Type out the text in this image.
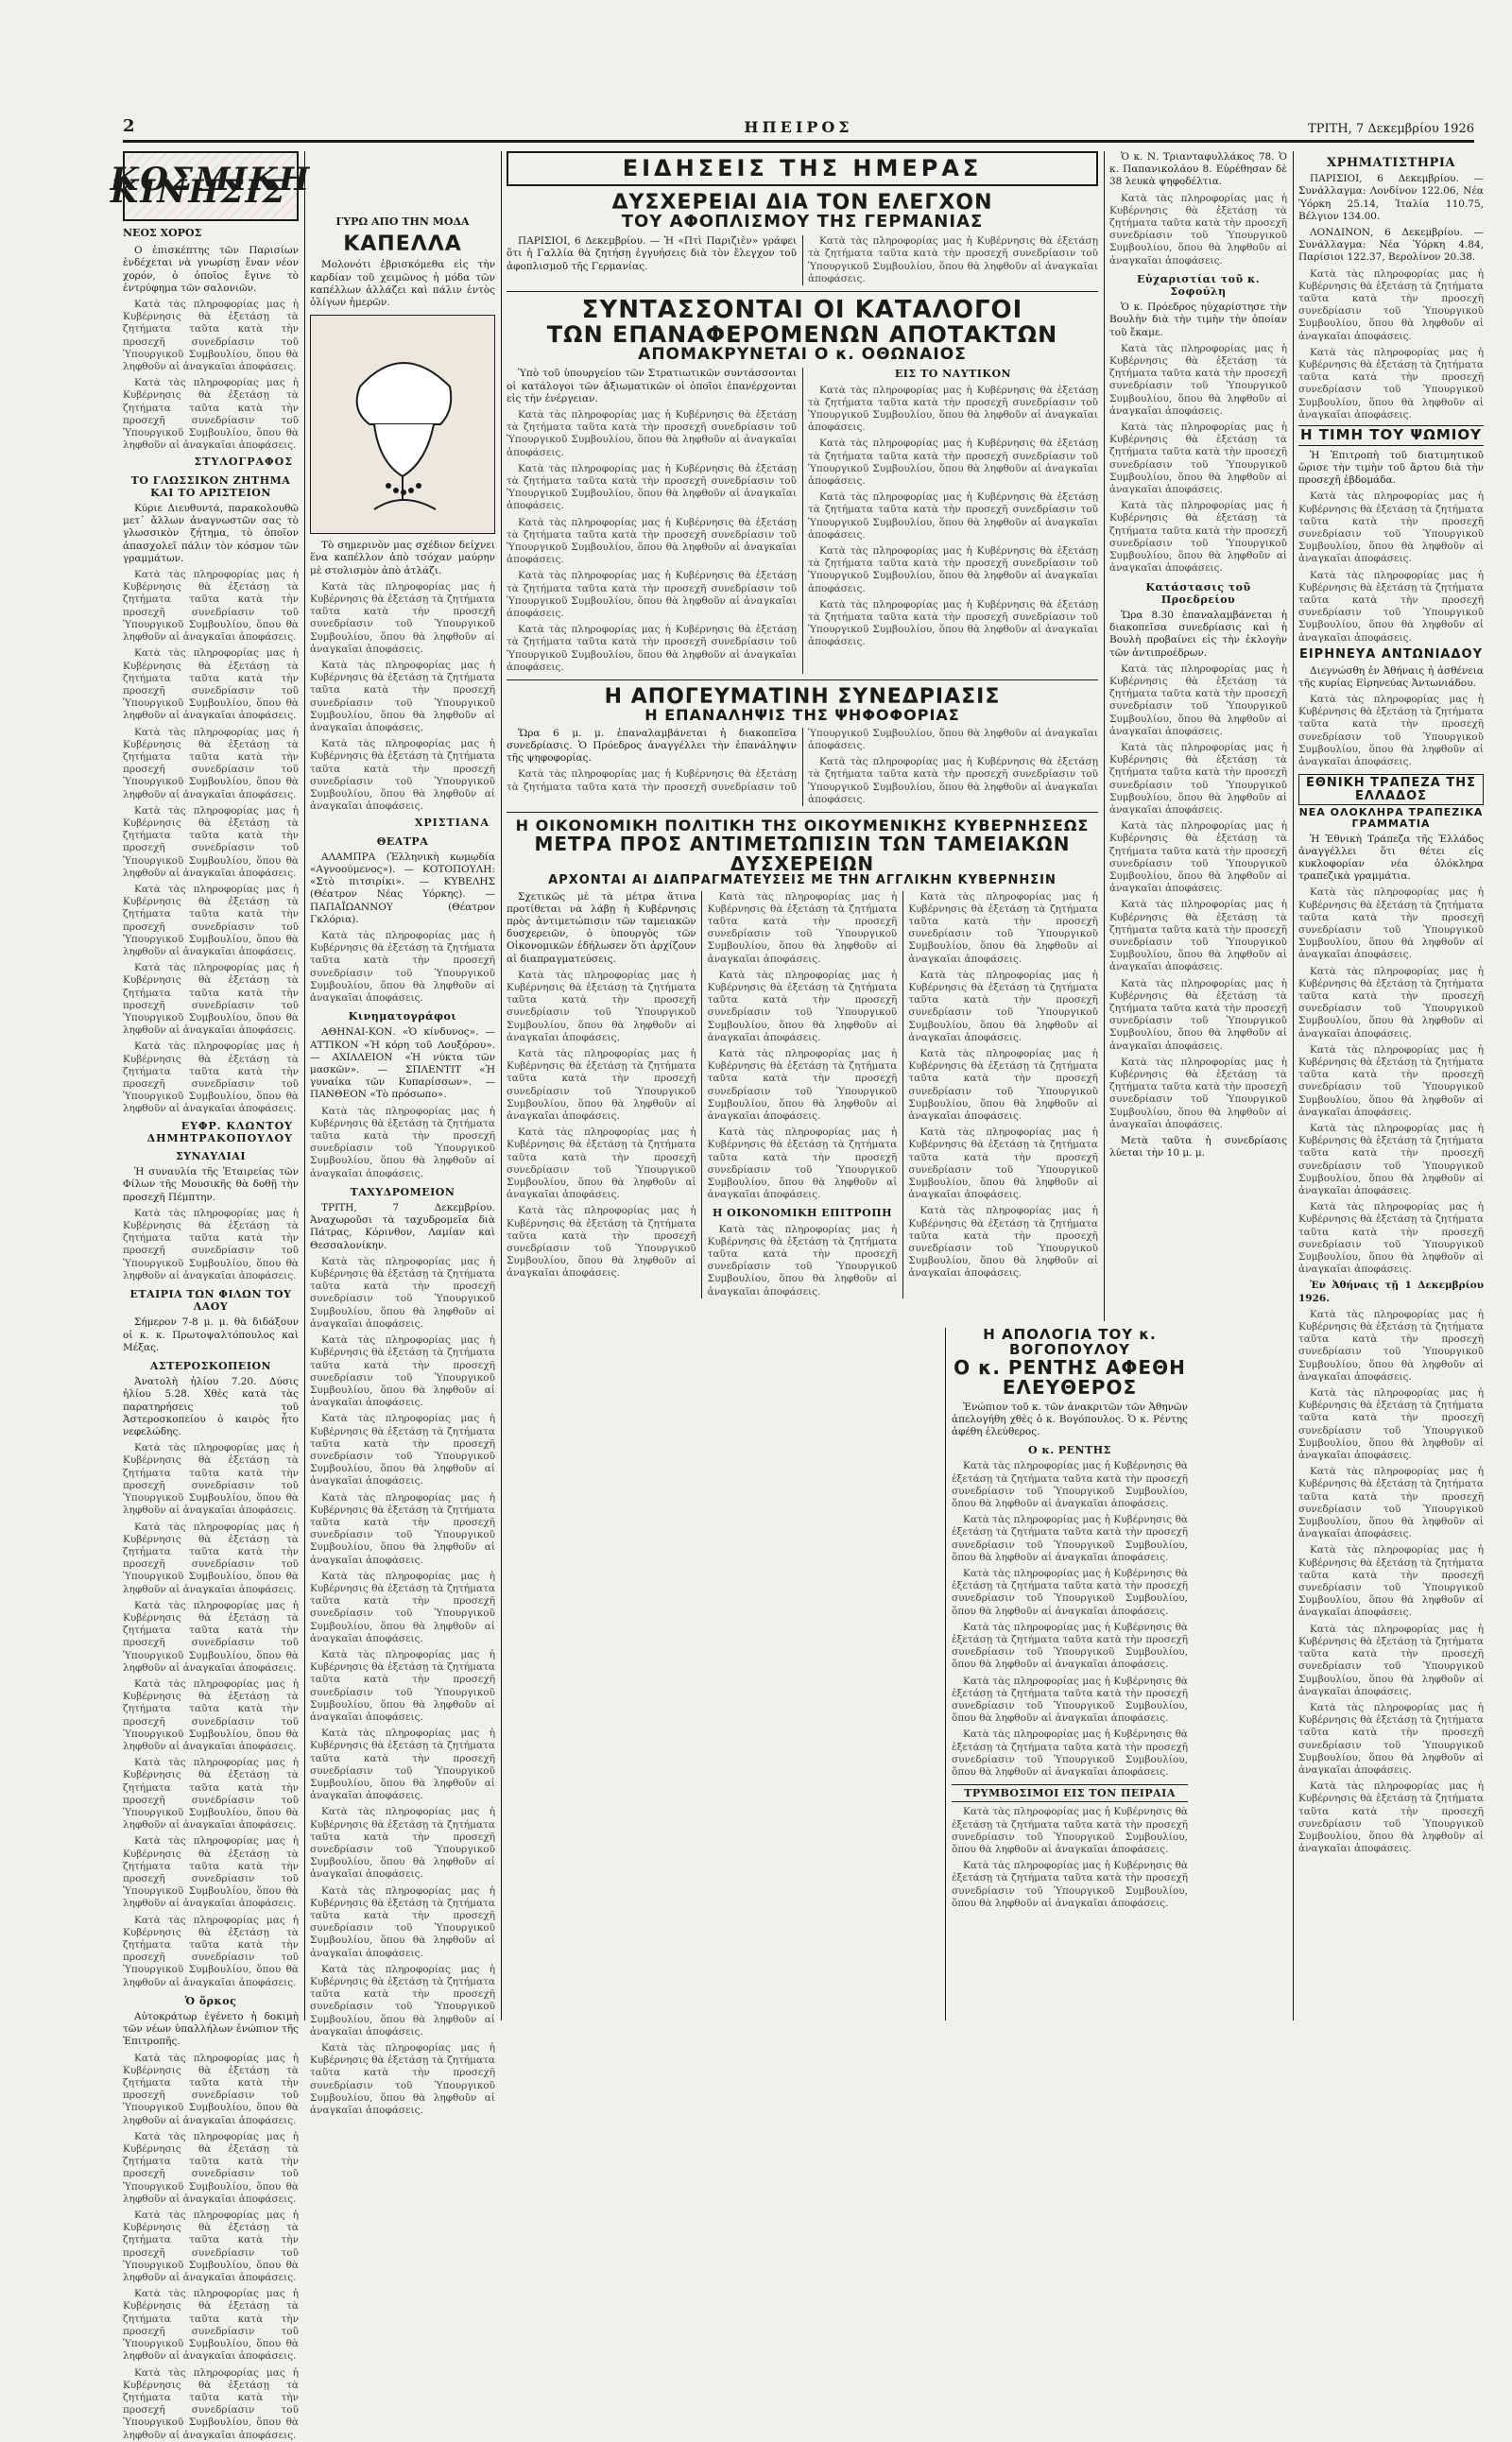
2	ΗΠΕΙΡΟΣ	ΤΡΙΤΗ, 7 Δεκεμβρίου 1926
ΚΟΣΜΙΚΗ ΚΙΝΗΣΙΣ
ΝΕΟΣ ΧΟΡΟΣ

Ο ἐπισκέπτης τῶν Παρισίων ἐνδέχεται νὰ γνωρίσῃ ἕναν νέον χορόν, ὁ ὁποῖος ἔγινε τὸ ἐντρύφημα τῶν σαλονιῶν.

Κατὰ τὰς πληροφορίας μας ἡ Κυβέρνησις θὰ ἐξετάσῃ τὰ ζητήματα ταῦτα κατὰ τὴν προσεχῆ συνεδρίασιν τοῦ Ὑπουργικοῦ Συμβουλίου, ὅπου θὰ ληφθοῦν αἱ ἀναγκαῖαι ἀποφάσεις.

Κατὰ τὰς πληροφορίας μας ἡ Κυβέρνησις θὰ ἐξετάσῃ τὰ ζητήματα ταῦτα κατὰ τὴν προσεχῆ συνεδρίασιν τοῦ Ὑπουργικοῦ Συμβουλίου, ὅπου θὰ ληφθοῦν αἱ ἀναγκαῖαι ἀποφάσεις.

ΣΤΥΛΟΓΡΑΦΟΣ
ΤΟ ΓΛΩΣΣΙΚΟΝ ΖΗΤΗΜΑ ΚΑΙ ΤΟ ΑΡΙΣΤΕΙΟΝ

Κύριε Διευθυντά, παρακολουθῶ μετ᾽ ἄλλων ἀναγνωστῶν σας τὸ γλωσσικὸν ζήτημα, τὸ ὁποῖον ἀπασχολεῖ πάλιν τὸν κόσμον τῶν γραμμάτων.

Κατὰ τὰς πληροφορίας μας ἡ Κυβέρνησις θὰ ἐξετάσῃ τὰ ζητήματα ταῦτα κατὰ τὴν προσεχῆ συνεδρίασιν τοῦ Ὑπουργικοῦ Συμβουλίου, ὅπου θὰ ληφθοῦν αἱ ἀναγκαῖαι ἀποφάσεις.

Κατὰ τὰς πληροφορίας μας ἡ Κυβέρνησις θὰ ἐξετάσῃ τὰ ζητήματα ταῦτα κατὰ τὴν προσεχῆ συνεδρίασιν τοῦ Ὑπουργικοῦ Συμβουλίου, ὅπου θὰ ληφθοῦν αἱ ἀναγκαῖαι ἀποφάσεις.

Κατὰ τὰς πληροφορίας μας ἡ Κυβέρνησις θὰ ἐξετάσῃ τὰ ζητήματα ταῦτα κατὰ τὴν προσεχῆ συνεδρίασιν τοῦ Ὑπουργικοῦ Συμβουλίου, ὅπου θὰ ληφθοῦν αἱ ἀναγκαῖαι ἀποφάσεις.

Κατὰ τὰς πληροφορίας μας ἡ Κυβέρνησις θὰ ἐξετάσῃ τὰ ζητήματα ταῦτα κατὰ τὴν προσεχῆ συνεδρίασιν τοῦ Ὑπουργικοῦ Συμβουλίου, ὅπου θὰ ληφθοῦν αἱ ἀναγκαῖαι ἀποφάσεις.

Κατὰ τὰς πληροφορίας μας ἡ Κυβέρνησις θὰ ἐξετάσῃ τὰ ζητήματα ταῦτα κατὰ τὴν προσεχῆ συνεδρίασιν τοῦ Ὑπουργικοῦ Συμβουλίου, ὅπου θὰ ληφθοῦν αἱ ἀναγκαῖαι ἀποφάσεις.

Κατὰ τὰς πληροφορίας μας ἡ Κυβέρνησις θὰ ἐξετάσῃ τὰ ζητήματα ταῦτα κατὰ τὴν προσεχῆ συνεδρίασιν τοῦ Ὑπουργικοῦ Συμβουλίου, ὅπου θὰ ληφθοῦν αἱ ἀναγκαῖαι ἀποφάσεις.

Κατὰ τὰς πληροφορίας μας ἡ Κυβέρνησις θὰ ἐξετάσῃ τὰ ζητήματα ταῦτα κατὰ τὴν προσεχῆ συνεδρίασιν τοῦ Ὑπουργικοῦ Συμβουλίου, ὅπου θὰ ληφθοῦν αἱ ἀναγκαῖαι ἀποφάσεις.

ΕΥΦΡ. ΚΛΩΝΤΟΥ ΔΗΜΗΤΡΑΚΟΠΟΥΛΟΥ
ΣΥΝΑΥΛΙΑΙ

Ἡ συναυλία τῆς Ἑταιρείας τῶν Φίλων τῆς Μουσικῆς θὰ δοθῇ τὴν προσεχῆ Πέμπτην.

Κατὰ τὰς πληροφορίας μας ἡ Κυβέρνησις θὰ ἐξετάσῃ τὰ ζητήματα ταῦτα κατὰ τὴν προσεχῆ συνεδρίασιν τοῦ Ὑπουργικοῦ Συμβουλίου, ὅπου θὰ ληφθοῦν αἱ ἀναγκαῖαι ἀποφάσεις.

ΕΤΑΙΡΙΑ ΤΩΝ ΦΙΛΩΝ ΤΟΥ ΛΑΟΥ

Σήμερον 7-8 μ. μ. θὰ διδάξουν οἱ κ. κ. Πρωτοψαλτόπουλος καὶ Μέξας.

ΑΣΤΕΡΟΣΚΟΠΕΙΟΝ

Ἀνατολὴ ἡλίου 7.20. Δύσις ἡλίου 5.28. Χθὲς κατὰ τὰς παρατηρήσεις τοῦ Ἀστεροσκοπείου ὁ καιρὸς ἦτο νεφελώδης.

Κατὰ τὰς πληροφορίας μας ἡ Κυβέρνησις θὰ ἐξετάσῃ τὰ ζητήματα ταῦτα κατὰ τὴν προσεχῆ συνεδρίασιν τοῦ Ὑπουργικοῦ Συμβουλίου, ὅπου θὰ ληφθοῦν αἱ ἀναγκαῖαι ἀποφάσεις.

Κατὰ τὰς πληροφορίας μας ἡ Κυβέρνησις θὰ ἐξετάσῃ τὰ ζητήματα ταῦτα κατὰ τὴν προσεχῆ συνεδρίασιν τοῦ Ὑπουργικοῦ Συμβουλίου, ὅπου θὰ ληφθοῦν αἱ ἀναγκαῖαι ἀποφάσεις.

Κατὰ τὰς πληροφορίας μας ἡ Κυβέρνησις θὰ ἐξετάσῃ τὰ ζητήματα ταῦτα κατὰ τὴν προσεχῆ συνεδρίασιν τοῦ Ὑπουργικοῦ Συμβουλίου, ὅπου θὰ ληφθοῦν αἱ ἀναγκαῖαι ἀποφάσεις.

Κατὰ τὰς πληροφορίας μας ἡ Κυβέρνησις θὰ ἐξετάσῃ τὰ ζητήματα ταῦτα κατὰ τὴν προσεχῆ συνεδρίασιν τοῦ Ὑπουργικοῦ Συμβουλίου, ὅπου θὰ ληφθοῦν αἱ ἀναγκαῖαι ἀποφάσεις.

Κατὰ τὰς πληροφορίας μας ἡ Κυβέρνησις θὰ ἐξετάσῃ τὰ ζητήματα ταῦτα κατὰ τὴν προσεχῆ συνεδρίασιν τοῦ Ὑπουργικοῦ Συμβουλίου, ὅπου θὰ ληφθοῦν αἱ ἀναγκαῖαι ἀποφάσεις.

Κατὰ τὰς πληροφορίας μας ἡ Κυβέρνησις θὰ ἐξετάσῃ τὰ ζητήματα ταῦτα κατὰ τὴν προσεχῆ συνεδρίασιν τοῦ Ὑπουργικοῦ Συμβουλίου, ὅπου θὰ ληφθοῦν αἱ ἀναγκαῖαι ἀποφάσεις.

Κατὰ τὰς πληροφορίας μας ἡ Κυβέρνησις θὰ ἐξετάσῃ τὰ ζητήματα ταῦτα κατὰ τὴν προσεχῆ συνεδρίασιν τοῦ Ὑπουργικοῦ Συμβουλίου, ὅπου θὰ ληφθοῦν αἱ ἀναγκαῖαι ἀποφάσεις.

Ὁ ὅρκος

Αὐτοκράτωρ ἐγένετο ἡ δοκιμὴ τῶν νέων ὑπαλλήλων ἐνώπιον τῆς Ἐπιτροπῆς.

Κατὰ τὰς πληροφορίας μας ἡ Κυβέρνησις θὰ ἐξετάσῃ τὰ ζητήματα ταῦτα κατὰ τὴν προσεχῆ συνεδρίασιν τοῦ Ὑπουργικοῦ Συμβουλίου, ὅπου θὰ ληφθοῦν αἱ ἀναγκαῖαι ἀποφάσεις.

Κατὰ τὰς πληροφορίας μας ἡ Κυβέρνησις θὰ ἐξετάσῃ τὰ ζητήματα ταῦτα κατὰ τὴν προσεχῆ συνεδρίασιν τοῦ Ὑπουργικοῦ Συμβουλίου, ὅπου θὰ ληφθοῦν αἱ ἀναγκαῖαι ἀποφάσεις.

Κατὰ τὰς πληροφορίας μας ἡ Κυβέρνησις θὰ ἐξετάσῃ τὰ ζητήματα ταῦτα κατὰ τὴν προσεχῆ συνεδρίασιν τοῦ Ὑπουργικοῦ Συμβουλίου, ὅπου θὰ ληφθοῦν αἱ ἀναγκαῖαι ἀποφάσεις.

Κατὰ τὰς πληροφορίας μας ἡ Κυβέρνησις θὰ ἐξετάσῃ τὰ ζητήματα ταῦτα κατὰ τὴν προσεχῆ συνεδρίασιν τοῦ Ὑπουργικοῦ Συμβουλίου, ὅπου θὰ ληφθοῦν αἱ ἀναγκαῖαι ἀποφάσεις.

Κατὰ τὰς πληροφορίας μας ἡ Κυβέρνησις θὰ ἐξετάσῃ τὰ ζητήματα ταῦτα κατὰ τὴν προσεχῆ συνεδρίασιν τοῦ Ὑπουργικοῦ Συμβουλίου, ὅπου θὰ ληφθοῦν αἱ ἀναγκαῖαι ἀποφάσεις.

ΓΥΡΩ ΑΠΟ ΤΗΝ ΜΟΔΑ
ΚΑΠΕΛΛΑ

Μολονότι ἐβρισκόμεθα εἰς τὴν καρδίαν τοῦ χειμῶνος ἡ μόδα τῶν καπέλλων ἀλλάζει καὶ πάλιν ἐντὸς ὀλίγων ἡμερῶν.

Τὸ σημερινὸν μας σχέδιον δείχνει ἕνα καπέλλον ἀπὸ τσόχαν μαύρην μὲ στολισμὸν ἀπὸ ἀτλάζι.

Κατὰ τὰς πληροφορίας μας ἡ Κυβέρνησις θὰ ἐξετάσῃ τὰ ζητήματα ταῦτα κατὰ τὴν προσεχῆ συνεδρίασιν τοῦ Ὑπουργικοῦ Συμβουλίου, ὅπου θὰ ληφθοῦν αἱ ἀναγκαῖαι ἀποφάσεις.

Κατὰ τὰς πληροφορίας μας ἡ Κυβέρνησις θὰ ἐξετάσῃ τὰ ζητήματα ταῦτα κατὰ τὴν προσεχῆ συνεδρίασιν τοῦ Ὑπουργικοῦ Συμβουλίου, ὅπου θὰ ληφθοῦν αἱ ἀναγκαῖαι ἀποφάσεις.

Κατὰ τὰς πληροφορίας μας ἡ Κυβέρνησις θὰ ἐξετάσῃ τὰ ζητήματα ταῦτα κατὰ τὴν προσεχῆ συνεδρίασιν τοῦ Ὑπουργικοῦ Συμβουλίου, ὅπου θὰ ληφθοῦν αἱ ἀναγκαῖαι ἀποφάσεις.

ΧΡΙΣΤΙΑΝΑ
ΘΕΑΤΡΑ

ΑΛΑΜΠΡΑ (Ἑλληνικὴ κωμῳδία «Αγνοούμενος»). — ΚΟΤΟΠΟΥΛΗ: «Στὸ πιτσιρίκι». — ΚΥΒΕΛΗΣ (Θέατρον Νέας Υόρκης). — ΠΑΠΑΪΩΑΝΝΟΥ (Θέατρον Γκλόρια).

Κατὰ τὰς πληροφορίας μας ἡ Κυβέρνησις θὰ ἐξετάσῃ τὰ ζητήματα ταῦτα κατὰ τὴν προσεχῆ συνεδρίασιν τοῦ Ὑπουργικοῦ Συμβουλίου, ὅπου θὰ ληφθοῦν αἱ ἀναγκαῖαι ἀποφάσεις.

Κινηματογράφοι

ΑΘΗΝΑΙ-ΚΟΝ. «Ὁ κίνδυνος». — ΑΤΤΙΚΟΝ «Ἡ κόρη τοῦ Λουξόρου». — ΑΧΙΛΛΕΙΟΝ «Ἡ νύκτα τῶν μασκῶν». — ΣΠΛΕΝΤΙΤ «Ἡ γυναίκα τῶν Κυπαρίσσων». — ΠΑΝΘΕΟΝ «Τὸ πρόσωπο».

Κατὰ τὰς πληροφορίας μας ἡ Κυβέρνησις θὰ ἐξετάσῃ τὰ ζητήματα ταῦτα κατὰ τὴν προσεχῆ συνεδρίασιν τοῦ Ὑπουργικοῦ Συμβουλίου, ὅπου θὰ ληφθοῦν αἱ ἀναγκαῖαι ἀποφάσεις.

ΤΑΧΥΔΡΟΜΕΙΟΝ

ΤΡΙΤΗ, 7 Δεκεμβρίου. Ἀναχωροῦσι τὰ ταχυδρομεῖα διὰ Πάτρας, Κόρινθον, Λαμίαν καὶ Θεσσαλονίκην.

Κατὰ τὰς πληροφορίας μας ἡ Κυβέρνησις θὰ ἐξετάσῃ τὰ ζητήματα ταῦτα κατὰ τὴν προσεχῆ συνεδρίασιν τοῦ Ὑπουργικοῦ Συμβουλίου, ὅπου θὰ ληφθοῦν αἱ ἀναγκαῖαι ἀποφάσεις.

Κατὰ τὰς πληροφορίας μας ἡ Κυβέρνησις θὰ ἐξετάσῃ τὰ ζητήματα ταῦτα κατὰ τὴν προσεχῆ συνεδρίασιν τοῦ Ὑπουργικοῦ Συμβουλίου, ὅπου θὰ ληφθοῦν αἱ ἀναγκαῖαι ἀποφάσεις.

Κατὰ τὰς πληροφορίας μας ἡ Κυβέρνησις θὰ ἐξετάσῃ τὰ ζητήματα ταῦτα κατὰ τὴν προσεχῆ συνεδρίασιν τοῦ Ὑπουργικοῦ Συμβουλίου, ὅπου θὰ ληφθοῦν αἱ ἀναγκαῖαι ἀποφάσεις.

Κατὰ τὰς πληροφορίας μας ἡ Κυβέρνησις θὰ ἐξετάσῃ τὰ ζητήματα ταῦτα κατὰ τὴν προσεχῆ συνεδρίασιν τοῦ Ὑπουργικοῦ Συμβουλίου, ὅπου θὰ ληφθοῦν αἱ ἀναγκαῖαι ἀποφάσεις.

Κατὰ τὰς πληροφορίας μας ἡ Κυβέρνησις θὰ ἐξετάσῃ τὰ ζητήματα ταῦτα κατὰ τὴν προσεχῆ συνεδρίασιν τοῦ Ὑπουργικοῦ Συμβουλίου, ὅπου θὰ ληφθοῦν αἱ ἀναγκαῖαι ἀποφάσεις.

Κατὰ τὰς πληροφορίας μας ἡ Κυβέρνησις θὰ ἐξετάσῃ τὰ ζητήματα ταῦτα κατὰ τὴν προσεχῆ συνεδρίασιν τοῦ Ὑπουργικοῦ Συμβουλίου, ὅπου θὰ ληφθοῦν αἱ ἀναγκαῖαι ἀποφάσεις.

Κατὰ τὰς πληροφορίας μας ἡ Κυβέρνησις θὰ ἐξετάσῃ τὰ ζητήματα ταῦτα κατὰ τὴν προσεχῆ συνεδρίασιν τοῦ Ὑπουργικοῦ Συμβουλίου, ὅπου θὰ ληφθοῦν αἱ ἀναγκαῖαι ἀποφάσεις.

Κατὰ τὰς πληροφορίας μας ἡ Κυβέρνησις θὰ ἐξετάσῃ τὰ ζητήματα ταῦτα κατὰ τὴν προσεχῆ συνεδρίασιν τοῦ Ὑπουργικοῦ Συμβουλίου, ὅπου θὰ ληφθοῦν αἱ ἀναγκαῖαι ἀποφάσεις.

Κατὰ τὰς πληροφορίας μας ἡ Κυβέρνησις θὰ ἐξετάσῃ τὰ ζητήματα ταῦτα κατὰ τὴν προσεχῆ συνεδρίασιν τοῦ Ὑπουργικοῦ Συμβουλίου, ὅπου θὰ ληφθοῦν αἱ ἀναγκαῖαι ἀποφάσεις.

Κατὰ τὰς πληροφορίας μας ἡ Κυβέρνησις θὰ ἐξετάσῃ τὰ ζητήματα ταῦτα κατὰ τὴν προσεχῆ συνεδρίασιν τοῦ Ὑπουργικοῦ Συμβουλίου, ὅπου θὰ ληφθοῦν αἱ ἀναγκαῖαι ἀποφάσεις.

Κατὰ τὰς πληροφορίας μας ἡ Κυβέρνησις θὰ ἐξετάσῃ τὰ ζητήματα ταῦτα κατὰ τὴν προσεχῆ συνεδρίασιν τοῦ Ὑπουργικοῦ Συμβουλίου, ὅπου θὰ ληφθοῦν αἱ ἀναγκαῖαι ἀποφάσεις.

ΕΙΔΗΣΕΙΣ ΤΗΣ ΗΜΕΡΑΣ
ΔΥΣΧΕΡΕΙΑΙ ΔΙΑ ΤΟΝ ΕΛΕΓΧΟΝ
ΤΟΥ ΑΦΟΠΛΙΣΜΟΥ ΤΗΣ ΓΕΡΜΑΝΙΑΣ

ΠΑΡΙΣΙΟΙ, 6 Δεκεμβρίου. — Ἡ «Πτὶ Παριζιὲν» γράφει ὅτι ἡ Γαλλία θὰ ζητήσῃ ἐγγυήσεις διὰ τὸν ἔλεγχον τοῦ ἀφοπλισμοῦ τῆς Γερμανίας.

Κατὰ τὰς πληροφορίας μας ἡ Κυβέρνησις θὰ ἐξετάσῃ τὰ ζητήματα ταῦτα κατὰ τὴν προσεχῆ συνεδρίασιν τοῦ Ὑπουργικοῦ Συμβουλίου, ὅπου θὰ ληφθοῦν αἱ ἀναγκαῖαι ἀποφάσεις.

ΣΥΝΤΑΣΣΟΝΤΑΙ ΟΙ ΚΑΤΑΛΟΓΟΙ
ΤΩΝ ΕΠΑΝΑΦΕΡΟΜΕΝΩΝ ΑΠΟΤΑΚΤΩΝ
ΑΠΟΜΑΚΡΥΝΕΤΑΙ Ο κ. ΟΘΩΝΑΙΟΣ

Ὑπὸ τοῦ ὑπουργείου τῶν Στρατιωτικῶν συντάσσονται οἱ κατάλογοι τῶν ἀξιωματικῶν οἱ ὁποῖοι ἐπανέρχονται εἰς τὴν ἐνέργειαν.

Κατὰ τὰς πληροφορίας μας ἡ Κυβέρνησις θὰ ἐξετάσῃ τὰ ζητήματα ταῦτα κατὰ τὴν προσεχῆ συνεδρίασιν τοῦ Ὑπουργικοῦ Συμβουλίου, ὅπου θὰ ληφθοῦν αἱ ἀναγκαῖαι ἀποφάσεις.

Κατὰ τὰς πληροφορίας μας ἡ Κυβέρνησις θὰ ἐξετάσῃ τὰ ζητήματα ταῦτα κατὰ τὴν προσεχῆ συνεδρίασιν τοῦ Ὑπουργικοῦ Συμβουλίου, ὅπου θὰ ληφθοῦν αἱ ἀναγκαῖαι ἀποφάσεις.

Κατὰ τὰς πληροφορίας μας ἡ Κυβέρνησις θὰ ἐξετάσῃ τὰ ζητήματα ταῦτα κατὰ τὴν προσεχῆ συνεδρίασιν τοῦ Ὑπουργικοῦ Συμβουλίου, ὅπου θὰ ληφθοῦν αἱ ἀναγκαῖαι ἀποφάσεις.

Κατὰ τὰς πληροφορίας μας ἡ Κυβέρνησις θὰ ἐξετάσῃ τὰ ζητήματα ταῦτα κατὰ τὴν προσεχῆ συνεδρίασιν τοῦ Ὑπουργικοῦ Συμβουλίου, ὅπου θὰ ληφθοῦν αἱ ἀναγκαῖαι ἀποφάσεις.

Κατὰ τὰς πληροφορίας μας ἡ Κυβέρνησις θὰ ἐξετάσῃ τὰ ζητήματα ταῦτα κατὰ τὴν προσεχῆ συνεδρίασιν τοῦ Ὑπουργικοῦ Συμβουλίου, ὅπου θὰ ληφθοῦν αἱ ἀναγκαῖαι ἀποφάσεις.

ΕΙΣ ΤΟ ΝΑΥΤΙΚΟΝ

Κατὰ τὰς πληροφορίας μας ἡ Κυβέρνησις θὰ ἐξετάσῃ τὰ ζητήματα ταῦτα κατὰ τὴν προσεχῆ συνεδρίασιν τοῦ Ὑπουργικοῦ Συμβουλίου, ὅπου θὰ ληφθοῦν αἱ ἀναγκαῖαι ἀποφάσεις.

Κατὰ τὰς πληροφορίας μας ἡ Κυβέρνησις θὰ ἐξετάσῃ τὰ ζητήματα ταῦτα κατὰ τὴν προσεχῆ συνεδρίασιν τοῦ Ὑπουργικοῦ Συμβουλίου, ὅπου θὰ ληφθοῦν αἱ ἀναγκαῖαι ἀποφάσεις.

Κατὰ τὰς πληροφορίας μας ἡ Κυβέρνησις θὰ ἐξετάσῃ τὰ ζητήματα ταῦτα κατὰ τὴν προσεχῆ συνεδρίασιν τοῦ Ὑπουργικοῦ Συμβουλίου, ὅπου θὰ ληφθοῦν αἱ ἀναγκαῖαι ἀποφάσεις.

Κατὰ τὰς πληροφορίας μας ἡ Κυβέρνησις θὰ ἐξετάσῃ τὰ ζητήματα ταῦτα κατὰ τὴν προσεχῆ συνεδρίασιν τοῦ Ὑπουργικοῦ Συμβουλίου, ὅπου θὰ ληφθοῦν αἱ ἀναγκαῖαι ἀποφάσεις.

Κατὰ τὰς πληροφορίας μας ἡ Κυβέρνησις θὰ ἐξετάσῃ τὰ ζητήματα ταῦτα κατὰ τὴν προσεχῆ συνεδρίασιν τοῦ Ὑπουργικοῦ Συμβουλίου, ὅπου θὰ ληφθοῦν αἱ ἀναγκαῖαι ἀποφάσεις.

Η ΑΠΟΓΕΥΜΑΤΙΝΗ ΣΥΝΕΔΡΙΑΣΙΣ
Η ΕΠΑΝΑΛΗΨΙΣ ΤΗΣ ΨΗΦΟΦΟΡΙΑΣ

Ὥρα 6 μ. μ. ἐπαναλαμβάνεται ἡ διακοπεῖσα συνεδρίασις. Ὁ Πρόεδρος ἀναγγέλλει τὴν ἐπανάληψιν τῆς ψηφοφορίας.

Κατὰ τὰς πληροφορίας μας ἡ Κυβέρνησις θὰ ἐξετάσῃ τὰ ζητήματα ταῦτα κατὰ τὴν προσεχῆ συνεδρίασιν τοῦ Ὑπουργικοῦ Συμβουλίου, ὅπου θὰ ληφθοῦν αἱ ἀναγκαῖαι ἀποφάσεις.

Κατὰ τὰς πληροφορίας μας ἡ Κυβέρνησις θὰ ἐξετάσῃ τὰ ζητήματα ταῦτα κατὰ τὴν προσεχῆ συνεδρίασιν τοῦ Ὑπουργικοῦ Συμβουλίου, ὅπου θὰ ληφθοῦν αἱ ἀναγκαῖαι ἀποφάσεις.

Η ΟΙΚΟΝΟΜΙΚΗ ΠΟΛΙΤΙΚΗ ΤΗΣ ΟΙΚΟΥΜΕΝΙΚΗΣ ΚΥΒΕΡΝΗΣΕΩΣ
ΜΕΤΡΑ ΠΡΟΣ ΑΝΤΙΜΕΤΩΠΙΣΙΝ ΤΩΝ ΤΑΜΕΙΑΚΩΝ ΔΥΣΧΕΡΕΙΩΝ
ΑΡΧΟΝΤΑΙ ΑΙ ΔΙΑΠΡΑΓΜΑΤΕΥΣΕΙΣ ΜΕ ΤΗΝ ΑΓΓΛΙΚΗΝ ΚΥΒΕΡΝΗΣΙΝ

Σχετικῶς μὲ τὰ μέτρα ἅτινα προτίθεται νὰ λάβῃ ἡ Κυβέρνησις πρὸς ἀντιμετώπισιν τῶν ταμειακῶν δυσχερειῶν, ὁ ὑπουργὸς τῶν Οἰκονομικῶν ἐδήλωσεν ὅτι ἀρχίζουν αἱ διαπραγματεύσεις.

Κατὰ τὰς πληροφορίας μας ἡ Κυβέρνησις θὰ ἐξετάσῃ τὰ ζητήματα ταῦτα κατὰ τὴν προσεχῆ συνεδρίασιν τοῦ Ὑπουργικοῦ Συμβουλίου, ὅπου θὰ ληφθοῦν αἱ ἀναγκαῖαι ἀποφάσεις.

Κατὰ τὰς πληροφορίας μας ἡ Κυβέρνησις θὰ ἐξετάσῃ τὰ ζητήματα ταῦτα κατὰ τὴν προσεχῆ συνεδρίασιν τοῦ Ὑπουργικοῦ Συμβουλίου, ὅπου θὰ ληφθοῦν αἱ ἀναγκαῖαι ἀποφάσεις.

Κατὰ τὰς πληροφορίας μας ἡ Κυβέρνησις θὰ ἐξετάσῃ τὰ ζητήματα ταῦτα κατὰ τὴν προσεχῆ συνεδρίασιν τοῦ Ὑπουργικοῦ Συμβουλίου, ὅπου θὰ ληφθοῦν αἱ ἀναγκαῖαι ἀποφάσεις.

Κατὰ τὰς πληροφορίας μας ἡ Κυβέρνησις θὰ ἐξετάσῃ τὰ ζητήματα ταῦτα κατὰ τὴν προσεχῆ συνεδρίασιν τοῦ Ὑπουργικοῦ Συμβουλίου, ὅπου θὰ ληφθοῦν αἱ ἀναγκαῖαι ἀποφάσεις.

Κατὰ τὰς πληροφορίας μας ἡ Κυβέρνησις θὰ ἐξετάσῃ τὰ ζητήματα ταῦτα κατὰ τὴν προσεχῆ συνεδρίασιν τοῦ Ὑπουργικοῦ Συμβουλίου, ὅπου θὰ ληφθοῦν αἱ ἀναγκαῖαι ἀποφάσεις.

Κατὰ τὰς πληροφορίας μας ἡ Κυβέρνησις θὰ ἐξετάσῃ τὰ ζητήματα ταῦτα κατὰ τὴν προσεχῆ συνεδρίασιν τοῦ Ὑπουργικοῦ Συμβουλίου, ὅπου θὰ ληφθοῦν αἱ ἀναγκαῖαι ἀποφάσεις.

Κατὰ τὰς πληροφορίας μας ἡ Κυβέρνησις θὰ ἐξετάσῃ τὰ ζητήματα ταῦτα κατὰ τὴν προσεχῆ συνεδρίασιν τοῦ Ὑπουργικοῦ Συμβουλίου, ὅπου θὰ ληφθοῦν αἱ ἀναγκαῖαι ἀποφάσεις.

Κατὰ τὰς πληροφορίας μας ἡ Κυβέρνησις θὰ ἐξετάσῃ τὰ ζητήματα ταῦτα κατὰ τὴν προσεχῆ συνεδρίασιν τοῦ Ὑπουργικοῦ Συμβουλίου, ὅπου θὰ ληφθοῦν αἱ ἀναγκαῖαι ἀποφάσεις.

Η ΟΙΚΟΝΟΜΙΚΗ ΕΠΙΤΡΟΠΗ

Κατὰ τὰς πληροφορίας μας ἡ Κυβέρνησις θὰ ἐξετάσῃ τὰ ζητήματα ταῦτα κατὰ τὴν προσεχῆ συνεδρίασιν τοῦ Ὑπουργικοῦ Συμβουλίου, ὅπου θὰ ληφθοῦν αἱ ἀναγκαῖαι ἀποφάσεις.

Κατὰ τὰς πληροφορίας μας ἡ Κυβέρνησις θὰ ἐξετάσῃ τὰ ζητήματα ταῦτα κατὰ τὴν προσεχῆ συνεδρίασιν τοῦ Ὑπουργικοῦ Συμβουλίου, ὅπου θὰ ληφθοῦν αἱ ἀναγκαῖαι ἀποφάσεις.

Κατὰ τὰς πληροφορίας μας ἡ Κυβέρνησις θὰ ἐξετάσῃ τὰ ζητήματα ταῦτα κατὰ τὴν προσεχῆ συνεδρίασιν τοῦ Ὑπουργικοῦ Συμβουλίου, ὅπου θὰ ληφθοῦν αἱ ἀναγκαῖαι ἀποφάσεις.

Κατὰ τὰς πληροφορίας μας ἡ Κυβέρνησις θὰ ἐξετάσῃ τὰ ζητήματα ταῦτα κατὰ τὴν προσεχῆ συνεδρίασιν τοῦ Ὑπουργικοῦ Συμβουλίου, ὅπου θὰ ληφθοῦν αἱ ἀναγκαῖαι ἀποφάσεις.

Κατὰ τὰς πληροφορίας μας ἡ Κυβέρνησις θὰ ἐξετάσῃ τὰ ζητήματα ταῦτα κατὰ τὴν προσεχῆ συνεδρίασιν τοῦ Ὑπουργικοῦ Συμβουλίου, ὅπου θὰ ληφθοῦν αἱ ἀναγκαῖαι ἀποφάσεις.

Κατὰ τὰς πληροφορίας μας ἡ Κυβέρνησις θὰ ἐξετάσῃ τὰ ζητήματα ταῦτα κατὰ τὴν προσεχῆ συνεδρίασιν τοῦ Ὑπουργικοῦ Συμβουλίου, ὅπου θὰ ληφθοῦν αἱ ἀναγκαῖαι ἀποφάσεις.

Η ΑΠΟΛΟΓΙΑ ΤΟΥ κ. ΒΟΓΟΠΟΥΛΟΥ
Ο κ. ΡΕΝΤΗΣ ΑΦΕΘΗ ΕΛΕΥΘΕΡΟΣ

Ἐνώπιον τοῦ κ. τῶν ἀνακριτῶν τῶν Ἀθηνῶν ἀπελογήθη χθὲς ὁ κ. Βογόπουλος. Ὁ κ. Ρέντης ἀφέθη ἐλεύθερος.

Ο κ. ΡΕΝΤΗΣ

Κατὰ τὰς πληροφορίας μας ἡ Κυβέρνησις θὰ ἐξετάσῃ τὰ ζητήματα ταῦτα κατὰ τὴν προσεχῆ συνεδρίασιν τοῦ Ὑπουργικοῦ Συμβουλίου, ὅπου θὰ ληφθοῦν αἱ ἀναγκαῖαι ἀποφάσεις.

Κατὰ τὰς πληροφορίας μας ἡ Κυβέρνησις θὰ ἐξετάσῃ τὰ ζητήματα ταῦτα κατὰ τὴν προσεχῆ συνεδρίασιν τοῦ Ὑπουργικοῦ Συμβουλίου, ὅπου θὰ ληφθοῦν αἱ ἀναγκαῖαι ἀποφάσεις.

Κατὰ τὰς πληροφορίας μας ἡ Κυβέρνησις θὰ ἐξετάσῃ τὰ ζητήματα ταῦτα κατὰ τὴν προσεχῆ συνεδρίασιν τοῦ Ὑπουργικοῦ Συμβουλίου, ὅπου θὰ ληφθοῦν αἱ ἀναγκαῖαι ἀποφάσεις.

Κατὰ τὰς πληροφορίας μας ἡ Κυβέρνησις θὰ ἐξετάσῃ τὰ ζητήματα ταῦτα κατὰ τὴν προσεχῆ συνεδρίασιν τοῦ Ὑπουργικοῦ Συμβουλίου, ὅπου θὰ ληφθοῦν αἱ ἀναγκαῖαι ἀποφάσεις.

Κατὰ τὰς πληροφορίας μας ἡ Κυβέρνησις θὰ ἐξετάσῃ τὰ ζητήματα ταῦτα κατὰ τὴν προσεχῆ συνεδρίασιν τοῦ Ὑπουργικοῦ Συμβουλίου, ὅπου θὰ ληφθοῦν αἱ ἀναγκαῖαι ἀποφάσεις.

Κατὰ τὰς πληροφορίας μας ἡ Κυβέρνησις θὰ ἐξετάσῃ τὰ ζητήματα ταῦτα κατὰ τὴν προσεχῆ συνεδρίασιν τοῦ Ὑπουργικοῦ Συμβουλίου, ὅπου θὰ ληφθοῦν αἱ ἀναγκαῖαι ἀποφάσεις.

ΤΡΥΜΒΟΣΙΜΟΙ ΕΙΣ ΤΟΝ ΠΕΙΡΑΙΑ

Κατὰ τὰς πληροφορίας μας ἡ Κυβέρνησις θὰ ἐξετάσῃ τὰ ζητήματα ταῦτα κατὰ τὴν προσεχῆ συνεδρίασιν τοῦ Ὑπουργικοῦ Συμβουλίου, ὅπου θὰ ληφθοῦν αἱ ἀναγκαῖαι ἀποφάσεις.

Κατὰ τὰς πληροφορίας μας ἡ Κυβέρνησις θὰ ἐξετάσῃ τὰ ζητήματα ταῦτα κατὰ τὴν προσεχῆ συνεδρίασιν τοῦ Ὑπουργικοῦ Συμβουλίου, ὅπου θὰ ληφθοῦν αἱ ἀναγκαῖαι ἀποφάσεις.

Ὁ κ. Ν. Τριανταφυλλάκος 78. Ὁ κ. Παπανικολάου 8. Εὑρέθησαν δὲ 38 λευκὰ ψηφοδέλτια.

Κατὰ τὰς πληροφορίας μας ἡ Κυβέρνησις θὰ ἐξετάσῃ τὰ ζητήματα ταῦτα κατὰ τὴν προσεχῆ συνεδρίασιν τοῦ Ὑπουργικοῦ Συμβουλίου, ὅπου θὰ ληφθοῦν αἱ ἀναγκαῖαι ἀποφάσεις.

Εὐχαριστίαι τοῦ κ. Σοφούλη

Ὁ κ. Πρόεδρος ηὐχαρίστησε τὴν Βουλὴν διὰ τὴν τιμὴν τὴν ὁποίαν τοῦ ἔκαμε.

Κατὰ τὰς πληροφορίας μας ἡ Κυβέρνησις θὰ ἐξετάσῃ τὰ ζητήματα ταῦτα κατὰ τὴν προσεχῆ συνεδρίασιν τοῦ Ὑπουργικοῦ Συμβουλίου, ὅπου θὰ ληφθοῦν αἱ ἀναγκαῖαι ἀποφάσεις.

Κατὰ τὰς πληροφορίας μας ἡ Κυβέρνησις θὰ ἐξετάσῃ τὰ ζητήματα ταῦτα κατὰ τὴν προσεχῆ συνεδρίασιν τοῦ Ὑπουργικοῦ Συμβουλίου, ὅπου θὰ ληφθοῦν αἱ ἀναγκαῖαι ἀποφάσεις.

Κατὰ τὰς πληροφορίας μας ἡ Κυβέρνησις θὰ ἐξετάσῃ τὰ ζητήματα ταῦτα κατὰ τὴν προσεχῆ συνεδρίασιν τοῦ Ὑπουργικοῦ Συμβουλίου, ὅπου θὰ ληφθοῦν αἱ ἀναγκαῖαι ἀποφάσεις.

Κατάστασις τοῦ Προεδρείου

Ὥρα 8.30 ἐπαναλαμβάνεται ἡ διακοπεῖσα συνεδρίασις καὶ ἡ Βουλὴ προβαίνει εἰς τὴν ἐκλογὴν τῶν ἀντιπροέδρων.

Κατὰ τὰς πληροφορίας μας ἡ Κυβέρνησις θὰ ἐξετάσῃ τὰ ζητήματα ταῦτα κατὰ τὴν προσεχῆ συνεδρίασιν τοῦ Ὑπουργικοῦ Συμβουλίου, ὅπου θὰ ληφθοῦν αἱ ἀναγκαῖαι ἀποφάσεις.

Κατὰ τὰς πληροφορίας μας ἡ Κυβέρνησις θὰ ἐξετάσῃ τὰ ζητήματα ταῦτα κατὰ τὴν προσεχῆ συνεδρίασιν τοῦ Ὑπουργικοῦ Συμβουλίου, ὅπου θὰ ληφθοῦν αἱ ἀναγκαῖαι ἀποφάσεις.

Κατὰ τὰς πληροφορίας μας ἡ Κυβέρνησις θὰ ἐξετάσῃ τὰ ζητήματα ταῦτα κατὰ τὴν προσεχῆ συνεδρίασιν τοῦ Ὑπουργικοῦ Συμβουλίου, ὅπου θὰ ληφθοῦν αἱ ἀναγκαῖαι ἀποφάσεις.

Κατὰ τὰς πληροφορίας μας ἡ Κυβέρνησις θὰ ἐξετάσῃ τὰ ζητήματα ταῦτα κατὰ τὴν προσεχῆ συνεδρίασιν τοῦ Ὑπουργικοῦ Συμβουλίου, ὅπου θὰ ληφθοῦν αἱ ἀναγκαῖαι ἀποφάσεις.

Κατὰ τὰς πληροφορίας μας ἡ Κυβέρνησις θὰ ἐξετάσῃ τὰ ζητήματα ταῦτα κατὰ τὴν προσεχῆ συνεδρίασιν τοῦ Ὑπουργικοῦ Συμβουλίου, ὅπου θὰ ληφθοῦν αἱ ἀναγκαῖαι ἀποφάσεις.

Κατὰ τὰς πληροφορίας μας ἡ Κυβέρνησις θὰ ἐξετάσῃ τὰ ζητήματα ταῦτα κατὰ τὴν προσεχῆ συνεδρίασιν τοῦ Ὑπουργικοῦ Συμβουλίου, ὅπου θὰ ληφθοῦν αἱ ἀναγκαῖαι ἀποφάσεις.

Μετὰ ταῦτα ἡ συνεδρίασις λύεται τὴν 10 μ. μ.

ΧΡΗΜΑΤΙΣΤΗΡΙΑ

ΠΑΡΙΣΙΟΙ, 6 Δεκεμβρίου. — Συνάλλαγμα: Λονδίνον 122.06, Νέα Ὑόρκη 25.14, Ἰταλία 110.75, Βέλγιον 134.00.

ΛΟΝΔΙΝΟΝ, 6 Δεκεμβρίου. — Συνάλλαγμα: Νέα Ὑόρκη 4.84, Παρίσιοι 122.37, Βερολίνον 20.38.

Κατὰ τὰς πληροφορίας μας ἡ Κυβέρνησις θὰ ἐξετάσῃ τὰ ζητήματα ταῦτα κατὰ τὴν προσεχῆ συνεδρίασιν τοῦ Ὑπουργικοῦ Συμβουλίου, ὅπου θὰ ληφθοῦν αἱ ἀναγκαῖαι ἀποφάσεις.

Κατὰ τὰς πληροφορίας μας ἡ Κυβέρνησις θὰ ἐξετάσῃ τὰ ζητήματα ταῦτα κατὰ τὴν προσεχῆ συνεδρίασιν τοῦ Ὑπουργικοῦ Συμβουλίου, ὅπου θὰ ληφθοῦν αἱ ἀναγκαῖαι ἀποφάσεις.

Η ΤΙΜΗ ΤΟΥ ΨΩΜΙΟΥ

Ἡ Ἐπιτροπὴ τοῦ διατιμητικοῦ ὥρισε τὴν τιμὴν τοῦ ἄρτου διὰ τὴν προσεχῆ ἑβδομάδα.

Κατὰ τὰς πληροφορίας μας ἡ Κυβέρνησις θὰ ἐξετάσῃ τὰ ζητήματα ταῦτα κατὰ τὴν προσεχῆ συνεδρίασιν τοῦ Ὑπουργικοῦ Συμβουλίου, ὅπου θὰ ληφθοῦν αἱ ἀναγκαῖαι ἀποφάσεις.

Κατὰ τὰς πληροφορίας μας ἡ Κυβέρνησις θὰ ἐξετάσῃ τὰ ζητήματα ταῦτα κατὰ τὴν προσεχῆ συνεδρίασιν τοῦ Ὑπουργικοῦ Συμβουλίου, ὅπου θὰ ληφθοῦν αἱ ἀναγκαῖαι ἀποφάσεις.

ΕΙΡΗΝΕΥΑ ΑΝΤΩΝΙΑΔΟΥ

Διεγνώσθη ἐν Ἀθήναις ἡ ἀσθένεια τῆς κυρίας Εἰρηνεύας Ἀντωνιάδου.

Κατὰ τὰς πληροφορίας μας ἡ Κυβέρνησις θὰ ἐξετάσῃ τὰ ζητήματα ταῦτα κατὰ τὴν προσεχῆ συνεδρίασιν τοῦ Ὑπουργικοῦ Συμβουλίου, ὅπου θὰ ληφθοῦν αἱ ἀναγκαῖαι ἀποφάσεις.

ΕΘΝΙΚΗ ΤΡΑΠΕΖΑ ΤΗΣ ΕΛΛΑΔΟΣ
ΝΕΑ ΟΛΟΚΛΗΡΑ ΤΡΑΠΕΖΙΚΑ ΓΡΑΜΜΑΤΙΑ

Ἡ Ἐθνικὴ Τράπεζα τῆς Ἑλλάδος ἀναγγέλλει ὅτι θέτει εἰς κυκλοφορίαν νέα ὁλόκληρα τραπεζικὰ γραμμάτια.

Κατὰ τὰς πληροφορίας μας ἡ Κυβέρνησις θὰ ἐξετάσῃ τὰ ζητήματα ταῦτα κατὰ τὴν προσεχῆ συνεδρίασιν τοῦ Ὑπουργικοῦ Συμβουλίου, ὅπου θὰ ληφθοῦν αἱ ἀναγκαῖαι ἀποφάσεις.

Κατὰ τὰς πληροφορίας μας ἡ Κυβέρνησις θὰ ἐξετάσῃ τὰ ζητήματα ταῦτα κατὰ τὴν προσεχῆ συνεδρίασιν τοῦ Ὑπουργικοῦ Συμβουλίου, ὅπου θὰ ληφθοῦν αἱ ἀναγκαῖαι ἀποφάσεις.

Κατὰ τὰς πληροφορίας μας ἡ Κυβέρνησις θὰ ἐξετάσῃ τὰ ζητήματα ταῦτα κατὰ τὴν προσεχῆ συνεδρίασιν τοῦ Ὑπουργικοῦ Συμβουλίου, ὅπου θὰ ληφθοῦν αἱ ἀναγκαῖαι ἀποφάσεις.

Κατὰ τὰς πληροφορίας μας ἡ Κυβέρνησις θὰ ἐξετάσῃ τὰ ζητήματα ταῦτα κατὰ τὴν προσεχῆ συνεδρίασιν τοῦ Ὑπουργικοῦ Συμβουλίου, ὅπου θὰ ληφθοῦν αἱ ἀναγκαῖαι ἀποφάσεις.

Κατὰ τὰς πληροφορίας μας ἡ Κυβέρνησις θὰ ἐξετάσῃ τὰ ζητήματα ταῦτα κατὰ τὴν προσεχῆ συνεδρίασιν τοῦ Ὑπουργικοῦ Συμβουλίου, ὅπου θὰ ληφθοῦν αἱ ἀναγκαῖαι ἀποφάσεις.

Ἐν Ἀθήναις τῇ 1 Δεκεμβρίου 1926.

Κατὰ τὰς πληροφορίας μας ἡ Κυβέρνησις θὰ ἐξετάσῃ τὰ ζητήματα ταῦτα κατὰ τὴν προσεχῆ συνεδρίασιν τοῦ Ὑπουργικοῦ Συμβουλίου, ὅπου θὰ ληφθοῦν αἱ ἀναγκαῖαι ἀποφάσεις.

Κατὰ τὰς πληροφορίας μας ἡ Κυβέρνησις θὰ ἐξετάσῃ τὰ ζητήματα ταῦτα κατὰ τὴν προσεχῆ συνεδρίασιν τοῦ Ὑπουργικοῦ Συμβουλίου, ὅπου θὰ ληφθοῦν αἱ ἀναγκαῖαι ἀποφάσεις.

Κατὰ τὰς πληροφορίας μας ἡ Κυβέρνησις θὰ ἐξετάσῃ τὰ ζητήματα ταῦτα κατὰ τὴν προσεχῆ συνεδρίασιν τοῦ Ὑπουργικοῦ Συμβουλίου, ὅπου θὰ ληφθοῦν αἱ ἀναγκαῖαι ἀποφάσεις.

Κατὰ τὰς πληροφορίας μας ἡ Κυβέρνησις θὰ ἐξετάσῃ τὰ ζητήματα ταῦτα κατὰ τὴν προσεχῆ συνεδρίασιν τοῦ Ὑπουργικοῦ Συμβουλίου, ὅπου θὰ ληφθοῦν αἱ ἀναγκαῖαι ἀποφάσεις.

Κατὰ τὰς πληροφορίας μας ἡ Κυβέρνησις θὰ ἐξετάσῃ τὰ ζητήματα ταῦτα κατὰ τὴν προσεχῆ συνεδρίασιν τοῦ Ὑπουργικοῦ Συμβουλίου, ὅπου θὰ ληφθοῦν αἱ ἀναγκαῖαι ἀποφάσεις.

Κατὰ τὰς πληροφορίας μας ἡ Κυβέρνησις θὰ ἐξετάσῃ τὰ ζητήματα ταῦτα κατὰ τὴν προσεχῆ συνεδρίασιν τοῦ Ὑπουργικοῦ Συμβουλίου, ὅπου θὰ ληφθοῦν αἱ ἀναγκαῖαι ἀποφάσεις.

Κατὰ τὰς πληροφορίας μας ἡ Κυβέρνησις θὰ ἐξετάσῃ τὰ ζητήματα ταῦτα κατὰ τὴν προσεχῆ συνεδρίασιν τοῦ Ὑπουργικοῦ Συμβουλίου, ὅπου θὰ ληφθοῦν αἱ ἀναγκαῖαι ἀποφάσεις.
